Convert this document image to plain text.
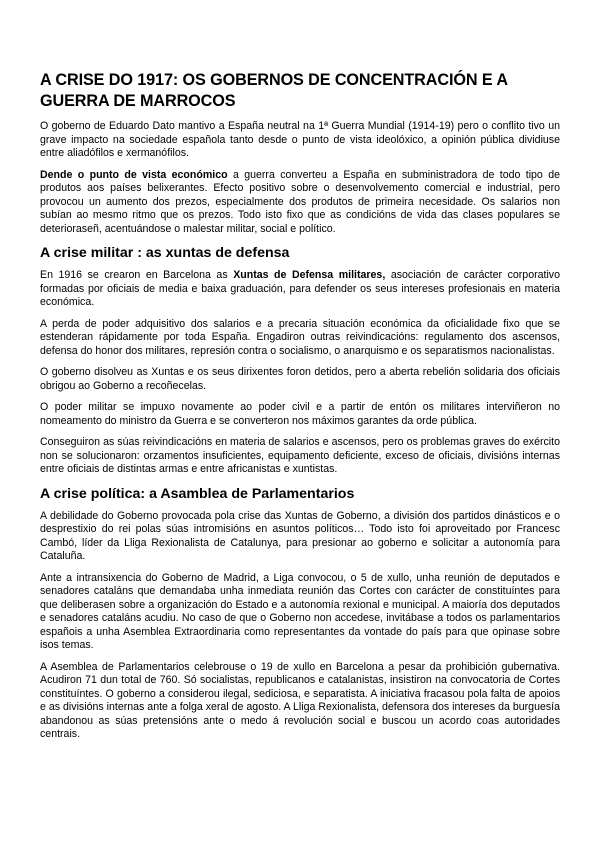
A CRISE DO 1917: OS GOBERNOS DE CONCENTRACIÓN E A GUERRA DE MARROCOS

O goberno de Eduardo Dato mantivo a España neutral na 1ª Guerra Mundial (1914-19) pero o conflito tivo un grave impacto na sociedade española tanto desde o punto de vista ideolóxico, a opinión pública dividiuse entre aliadófilos e xermanófilos.

Dende o punto de vista económico a guerra converteu a España en subministradora de todo tipo de produtos aos países belixerantes. Efecto positivo sobre o desenvolvemento comercial e industrial, pero provocou un aumento dos prezos, especialmente dos produtos de primeira necesidade. Os salarios non subían ao mesmo ritmo que os prezos. Todo isto fixo que as condicións de vida das clases populares se deterioraseñ, acentuándose o malestar militar, social e político.

A crise militar : as xuntas de defensa

En 1916 se crearon en Barcelona as Xuntas de Defensa militares, asociación de carácter corporativo formadas por oficiais de media e baixa graduación, para defender os seus intereses profesionais en materia económica.

A perda de poder adquisitivo dos salarios e a precaria situación económica da oficialidade fixo que se estenderan rápidamente por toda España. Engadiron outras reivindicacións: regulamento dos ascensos, defensa do honor dos militares, represión contra o socialismo, o anarquismo e os separatismos nacionalistas.

O goberno disolveu as Xuntas e os seus dirixentes foron detidos, pero a aberta rebelión solidaria dos oficiais obrigou ao Goberno a recoñecelas.

O poder militar se impuxo novamente ao poder civil e a partir de entón os militares interviñeron no nomeamento do ministro da Guerra e se converteron nos máximos garantes da orde pública.

Conseguiron as súas reivindicacións en materia de salarios e ascensos, pero os problemas graves do exército non se solucionaron: orzamentos insuficientes, equipamento deficiente, exceso de oficiais, divisións internas entre oficiais de distintas armas e entre africanistas e xuntistas.

A crise política: a Asamblea de Parlamentarios

A debilidade do Goberno provocada pola crise das Xuntas de Goberno, a división dos partidos dinásticos e o desprestixio do rei polas súas intromisións en asuntos políticos… Todo isto foi aproveitado por Francesc Cambó, líder da Lliga Rexionalista de Catalunya, para presionar ao goberno e solicitar a autonomía para Cataluña.

Ante a intransixencia do Goberno de Madrid, a Liga convocou, o 5 de xullo, unha reunión de deputados e senadores cataláns que demandaba unha inmediata reunión das Cortes con carácter de constituíntes para que deliberasen sobre a organización do Estado e a autonomía rexional e municipal. A maioría dos deputados e senadores cataláns acudiu. No caso de que o Goberno non accedese, invitábase a todos os parlamentarios españois a unha Asemblea Extraordinaria como representantes da vontade do país para que opinase sobre isos temas.

A Asemblea de Parlamentarios celebrouse o 19 de xullo en Barcelona a pesar da prohibición gubernativa. Acudiron 71 dun total de 760. Só socialistas, republicanos e catalanistas, insistiron na convocatoria de Cortes constituíntes. O goberno a considerou ilegal, sediciosa, e separatista. A iniciativa fracasou pola falta de apoios e as divisións internas ante a folga xeral de agosto. A Lliga Rexionalista, defensora dos intereses da burguesía abandonou as súas pretensións ante o medo á revolución social e buscou un acordo coas autoridades centrais.
